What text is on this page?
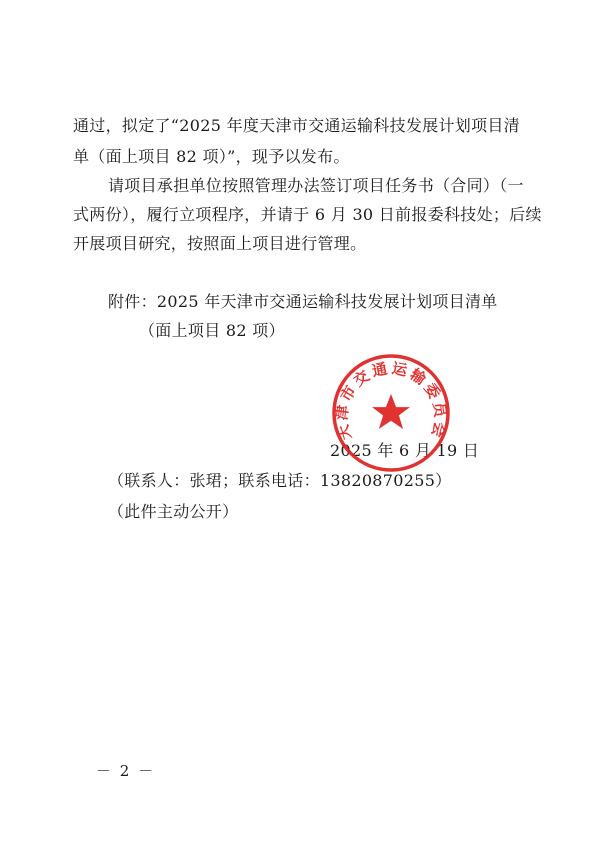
通过，拟定了“2025 年度天津市交通运输科技发展计划项目清
单（面上项目 82 项）”，现予以发布。
请项目承担单位按照管理办法签订项目任务书（合同）（一
式两份），履行立项程序，并请于 6 月 30 日前报委科技处；后续
开展项目研究，按照面上项目进行管理。
附件：2025 年天津市交通运输科技发展计划项目清单
（面上项目 82 项）
2025 年 6 月 19 日
天津市交通运输委员会
（联系人：张珺；联系电话：13820870255）
（此件主动公开）
－ 2 －
